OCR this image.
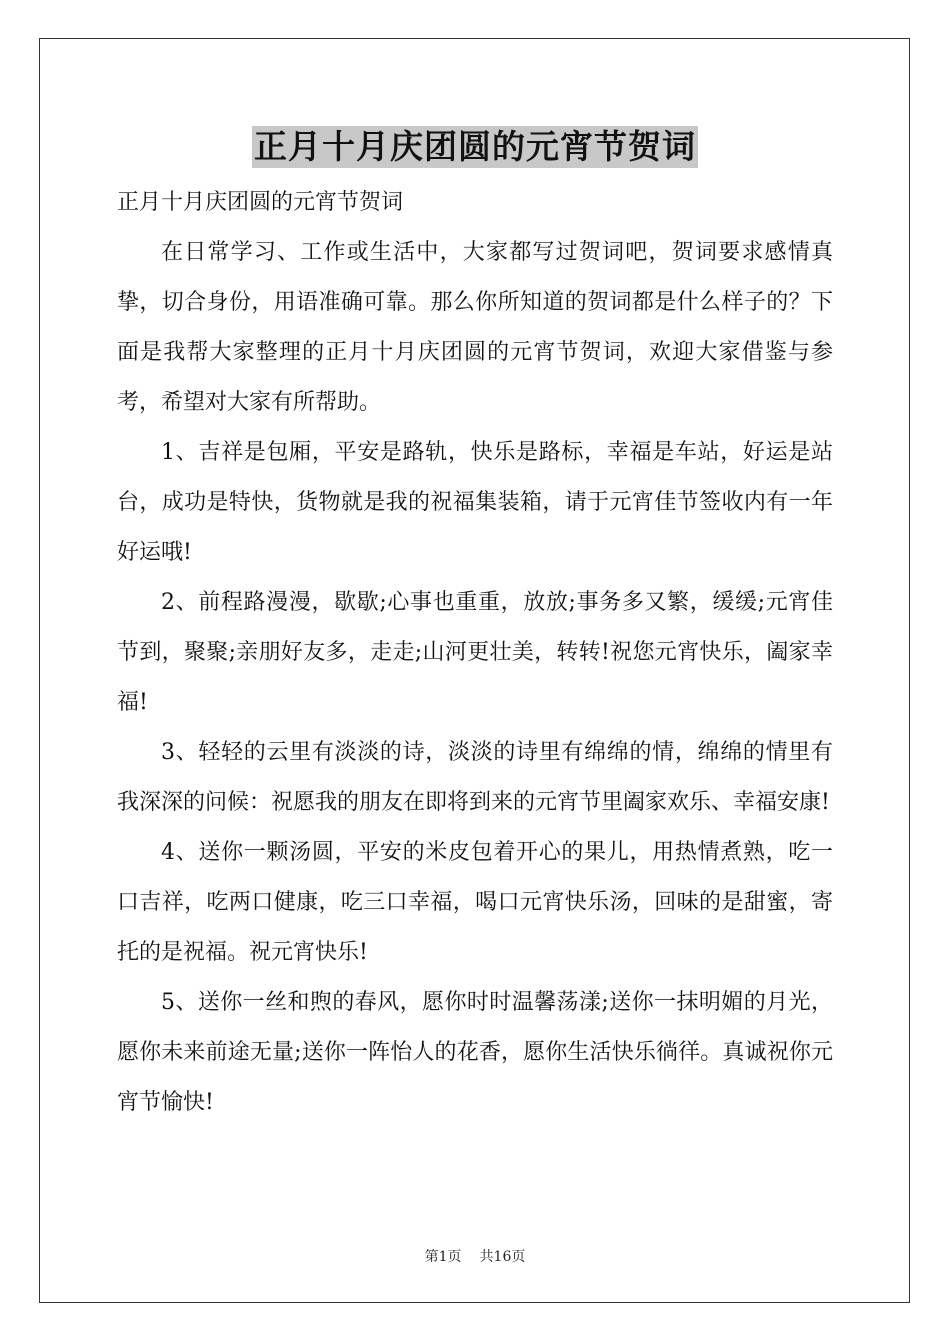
正月十月庆团圆的元宵节贺词

正月十月庆团圆的元宵节贺词

在日常学习、工作或生活中，大家都写过贺词吧，贺词要求感情真挚，切合身份，用语准确可靠。那么你所知道的贺词都是什么样子的？下面是我帮大家整理的正月十月庆团圆的元宵节贺词，欢迎大家借鉴与参考，希望对大家有所帮助。

1、吉祥是包厢，平安是路轨，快乐是路标，幸福是车站，好运是站台，成功是特快，货物就是我的祝福集装箱，请于元宵佳节签收内有一年好运哦!

2、前程路漫漫，歇歇;心事也重重，放放;事务多又繁，缓缓;元宵佳节到，聚聚;亲朋好友多，走走;山河更壮美，转转!祝您元宵快乐，阖家幸福!

3、轻轻的云里有淡淡的诗，淡淡的诗里有绵绵的情，绵绵的情里有我深深的问候：祝愿我的朋友在即将到来的元宵节里阖家欢乐、幸福安康!

4、送你一颗汤圆，平安的米皮包着开心的果儿，用热情煮熟，吃一口吉祥，吃两口健康，吃三口幸福，喝口元宵快乐汤，回味的是甜蜜，寄托的是祝福。祝元宵快乐!

5、送你一丝和煦的春风，愿你时时温馨荡漾;送你一抹明媚的月光，愿你未来前途无量;送你一阵怡人的花香，愿你生活快乐徜徉。真诚祝你元宵节愉快!

第1页 共16页
